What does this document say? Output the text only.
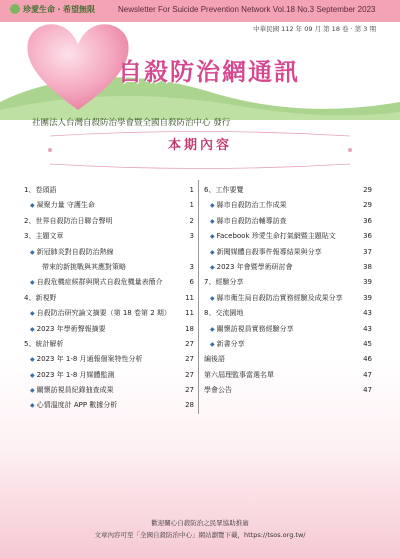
珍愛生命・希望無限	Newsletter For Suicide Prevention Network Vol.18 No.3 September 2023
中華民國 112 年 09 月 第 18 卷 · 第 3 期
自殺防治網通訊
社團法人台灣自殺防治學會暨全國自殺防治中心 發行
本期內容
1、卷頭語	1
◆ 凝聚力量 守護生命	1
2、世界自殺防治日聯合聲明	2
3、主題文章	3
◆ 新冠肺炎對自殺防治熱線
帶來的新挑戰與其應對策略	3
◆ 自殺危機症候群與開式自殺危機量表簡介	6
4、新視野	11
◆ 自殺防治研究論文摘要（第 18 卷第 2 期） 11
◆ 2023 年學術聲報摘要	18
5、統計解析	27
◆ 2023 年 1-8 月通報個案特性分析	27
◆ 2023 年 1-8 月媒體監測	27
◆ 關懷訪視員紀錄抽查成果	27
◆ 心情溫度計 APP 數據分析	28
6、工作要覽	29
◆ 縣市自殺防治工作成果	29
◆ 縣市自殺防治輔導訪查	36
◆ Facebook 珍愛生命打氣網暨主題貼文	36
◆ 新聞媒體自殺事件報導結果與分享	37
◆ 2023 年會暨學術研討會	38
7、經驗分享	39
◆ 縣市衛生局自殺防治實務經驗及成果分享	39
8、交流園地	43
◆ 關懷訪視員實務經驗分享	43
◆ 新書分享	45
編後語	46
第六屆理監事當選名單	47
學會公告	47
歡迎關心自殺防治之民眾協助推廣
文章內容可至「全國自殺防治中心」網站瀏覽下載，https://tsos.org.tw/
